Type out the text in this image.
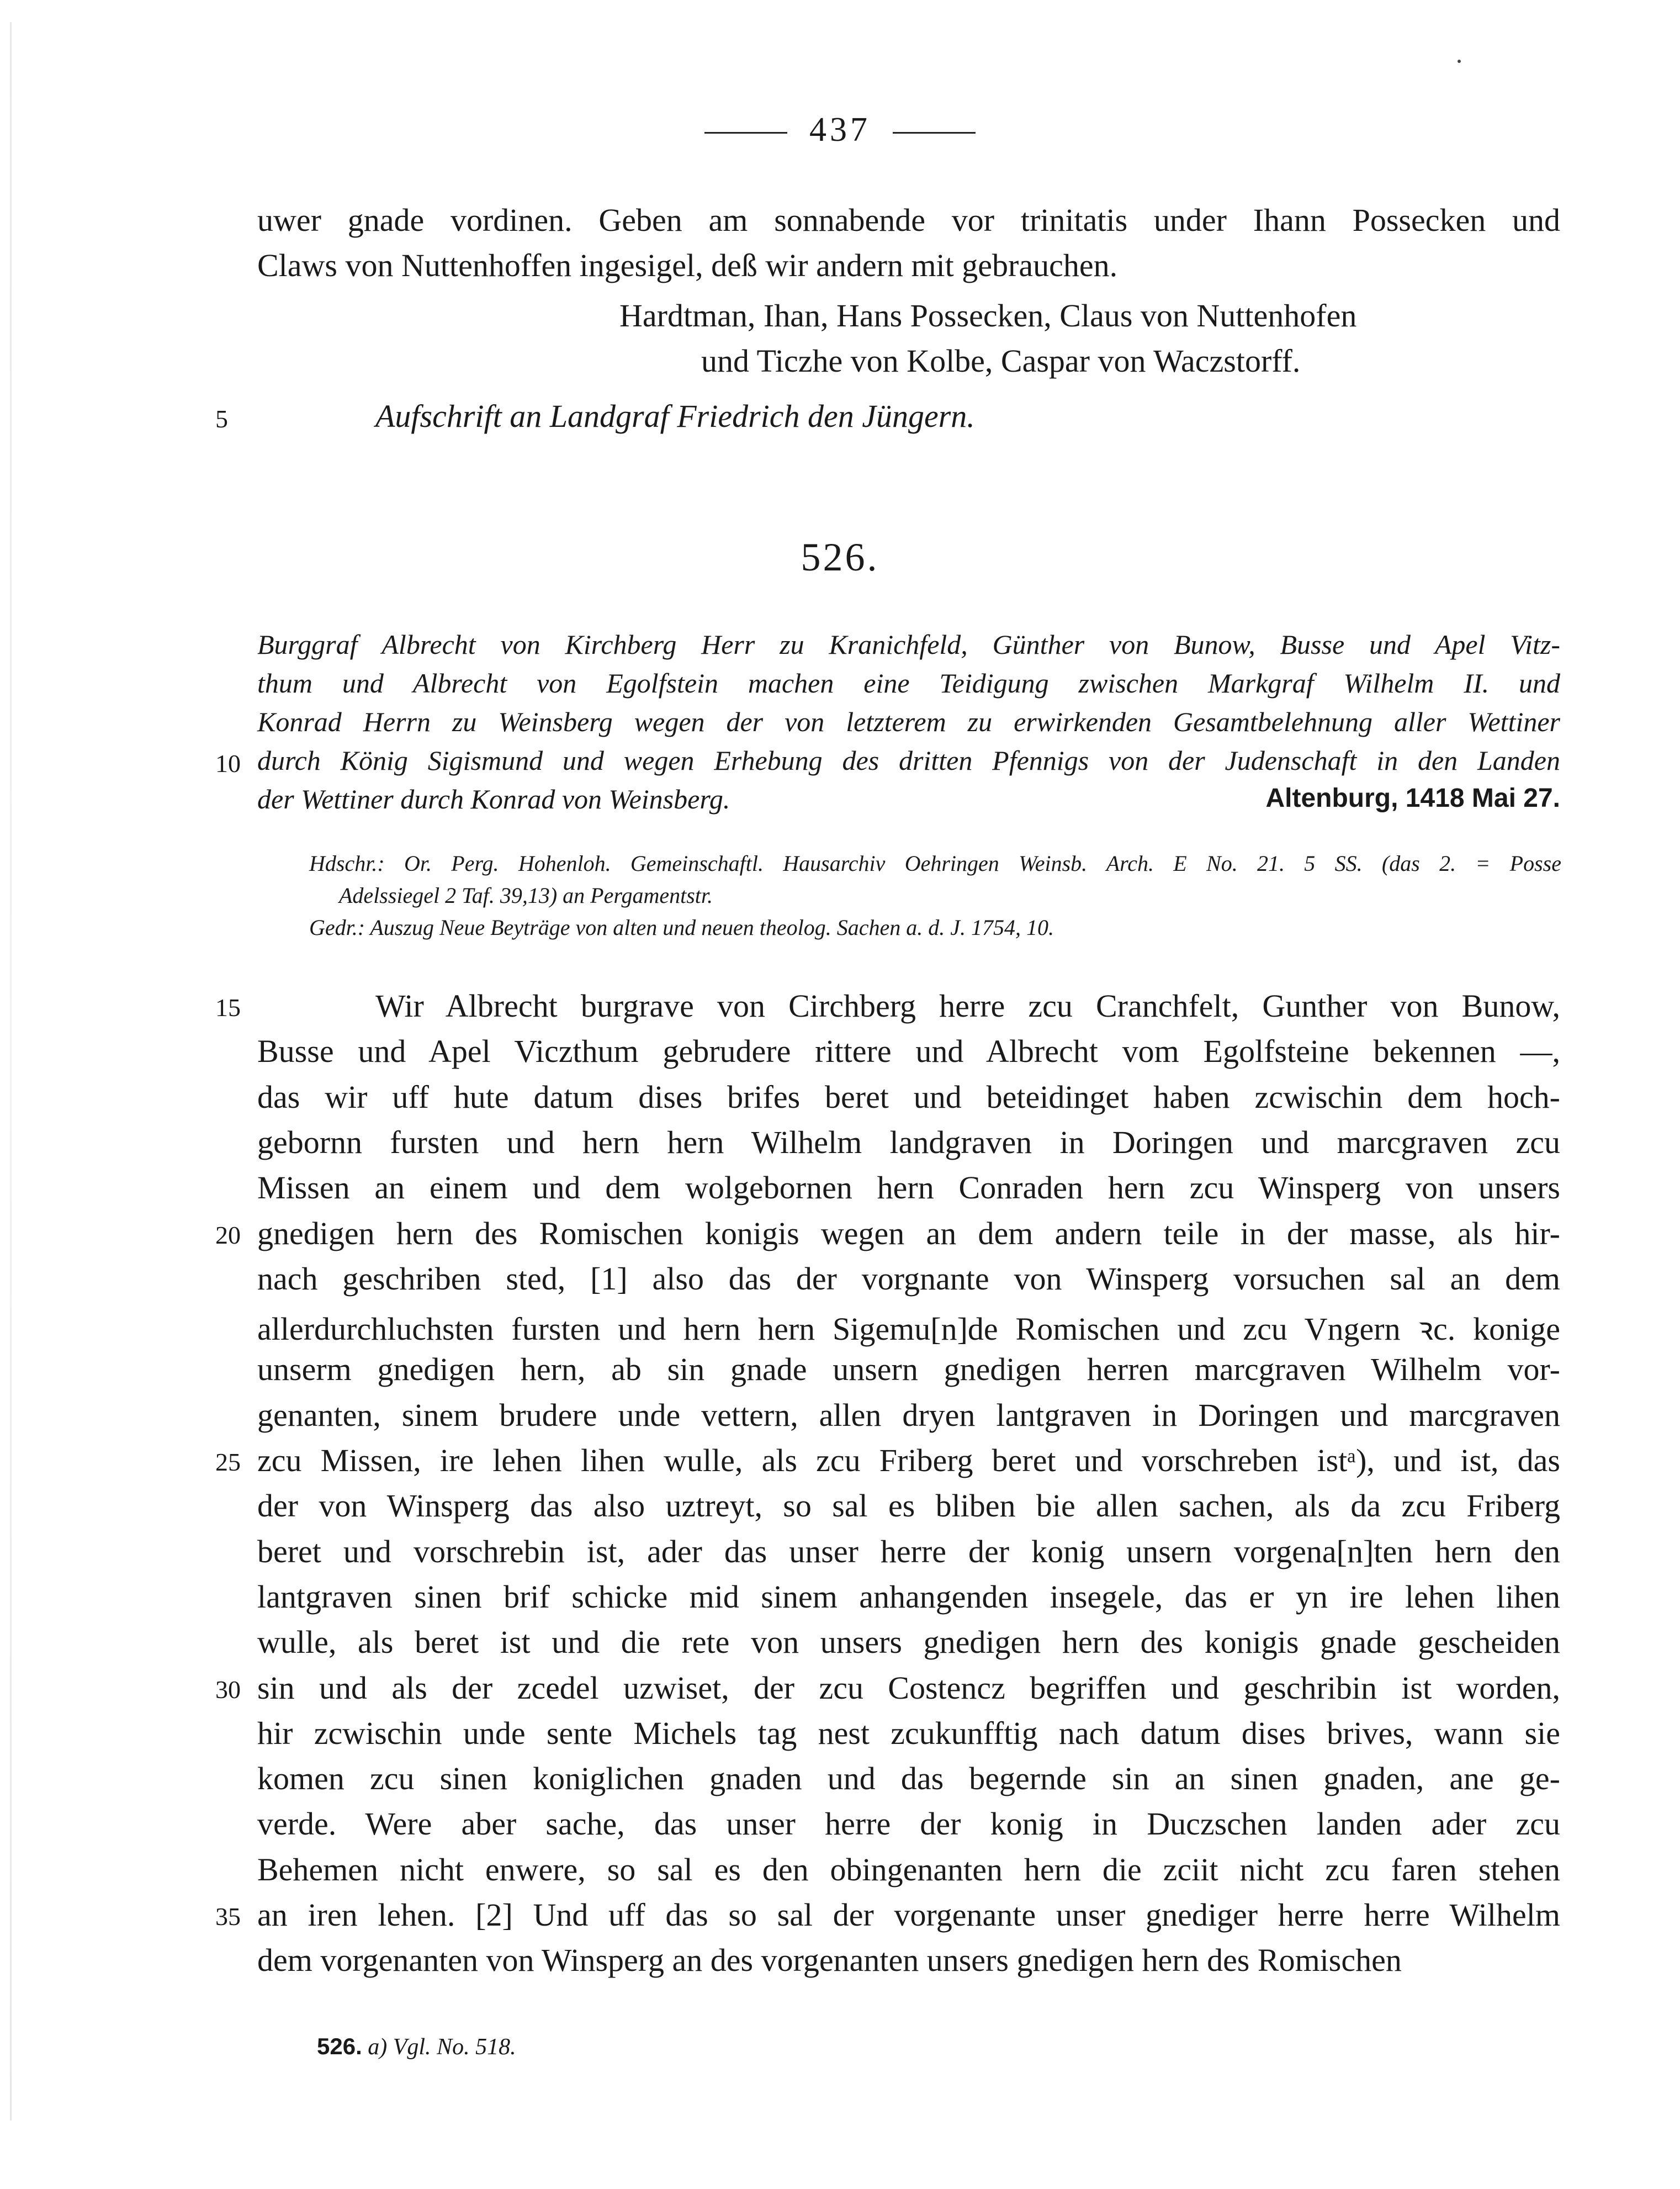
437
uwer gnade vordinen. Geben am sonnabende vor trinitatis under Ihann Possecken und
Claws von Nuttenhoffen ingesigel, deß wir andern mit gebrauchen.
Hardtman, Ihan, Hans Possecken, Claus von Nuttenhofen
und Ticzhe von Kolbe, Caspar von Waczstorff.
5	Aufschrift an Landgraf Friedrich den Jüngern.
526.
Burggraf Albrecht von Kirchberg Herr zu Kranichfeld, Günther von Bunow, Busse und Apel Vitz-
thum und Albrecht von Egolfstein machen eine Teidigung zwischen Markgraf Wilhelm II. und
Konrad Herrn zu Weinsberg wegen der von letzterem zu erwirkenden Gesamtbelehnung aller Wettiner
10 durch König Sigismund und wegen Erhebung des dritten Pfennigs von der Judenschaft in den Landen
der Wettiner durch Konrad von Weinsberg.	Altenburg, 1418 Mai 27.
Hdschr.: Or. Perg. Hohenloh. Gemeinschaftl. Hausarchiv Oehringen Weinsb. Arch. E No. 21. 5 SS. (das 2. = Posse
Adelssiegel 2 Taf. 39,13) an Pergamentstr.
Gedr.: Auszug Neue Beyträge von alten und neuen theolog. Sachen a. d. J. 1754, 10.
Wir Albrecht burgrave von Circhberg herre zcu Cranchfelt, Gunther von Bunow,
15
Busse und Apel Viczthum gebrudere rittere und Albrecht vom Egolfsteine bekennen —,
das wir uff hute datum dises brifes beret und beteidinget haben zcwischin dem hoch-
gebornn fursten und hern hern Wilhelm landgraven in Doringen und marcgraven zcu
Missen an einem und dem wolgebornen hern Conraden hern zcu Winsperg von unsers
gnedigen hern des Romischen konigis wegen an dem andern teile in der masse, als hir-
20
nach geschriben sted, [1] also das der vorgnante von Winsperg vorsuchen sal an dem
allerdurchluchsten fursten und hern hern Sigemu[n]de Romischen und zcu Vngern ꝛc. konige
unserm gnedigen hern, ab sin gnade unsern gnedigen herren marcgraven Wilhelm vor-
genanten, sinem brudere unde vettern, allen dryen lantgraven in Doringen und marcgraven
zcu Missen, ire lehen lihen wulle, als zcu Friberg beret und vorschreben istᵃ), und ist, das
25
der von Winsperg das also uztreyt, so sal es bliben bie allen sachen, als da zcu Friberg
beret und vorschrebin ist, ader das unser herre der konig unsern vorgena[n]ten hern den
lantgraven sinen brif schicke mid sinem anhangenden insegele, das er yn ire lehen lihen
wulle, als beret ist und die rete von unsers gnedigen hern des konigis gnade gescheiden
sin und als der zcedel uzwiset, der zcu Costencz begriffen und geschribin ist worden,
30
hir zcwischin unde sente Michels tag nest zcukunfftig nach datum dises brives, wann sie
komen zcu sinen koniglichen gnaden und das begernde sin an sinen gnaden, ane ge-
verde. Were aber sache, das unser herre der konig in Duczschen landen ader zcu
Behemen nicht enwere, so sal es den obingenanten hern die zciit nicht zcu faren stehen
an iren lehen. [2] Und uff das so sal der vorgenante unser gnediger herre herre Wilhelm
35
dem vorgenanten von Winsperg an des vorgenanten unsers gnedigen hern des Romischen
526. a) Vgl. No. 518.
